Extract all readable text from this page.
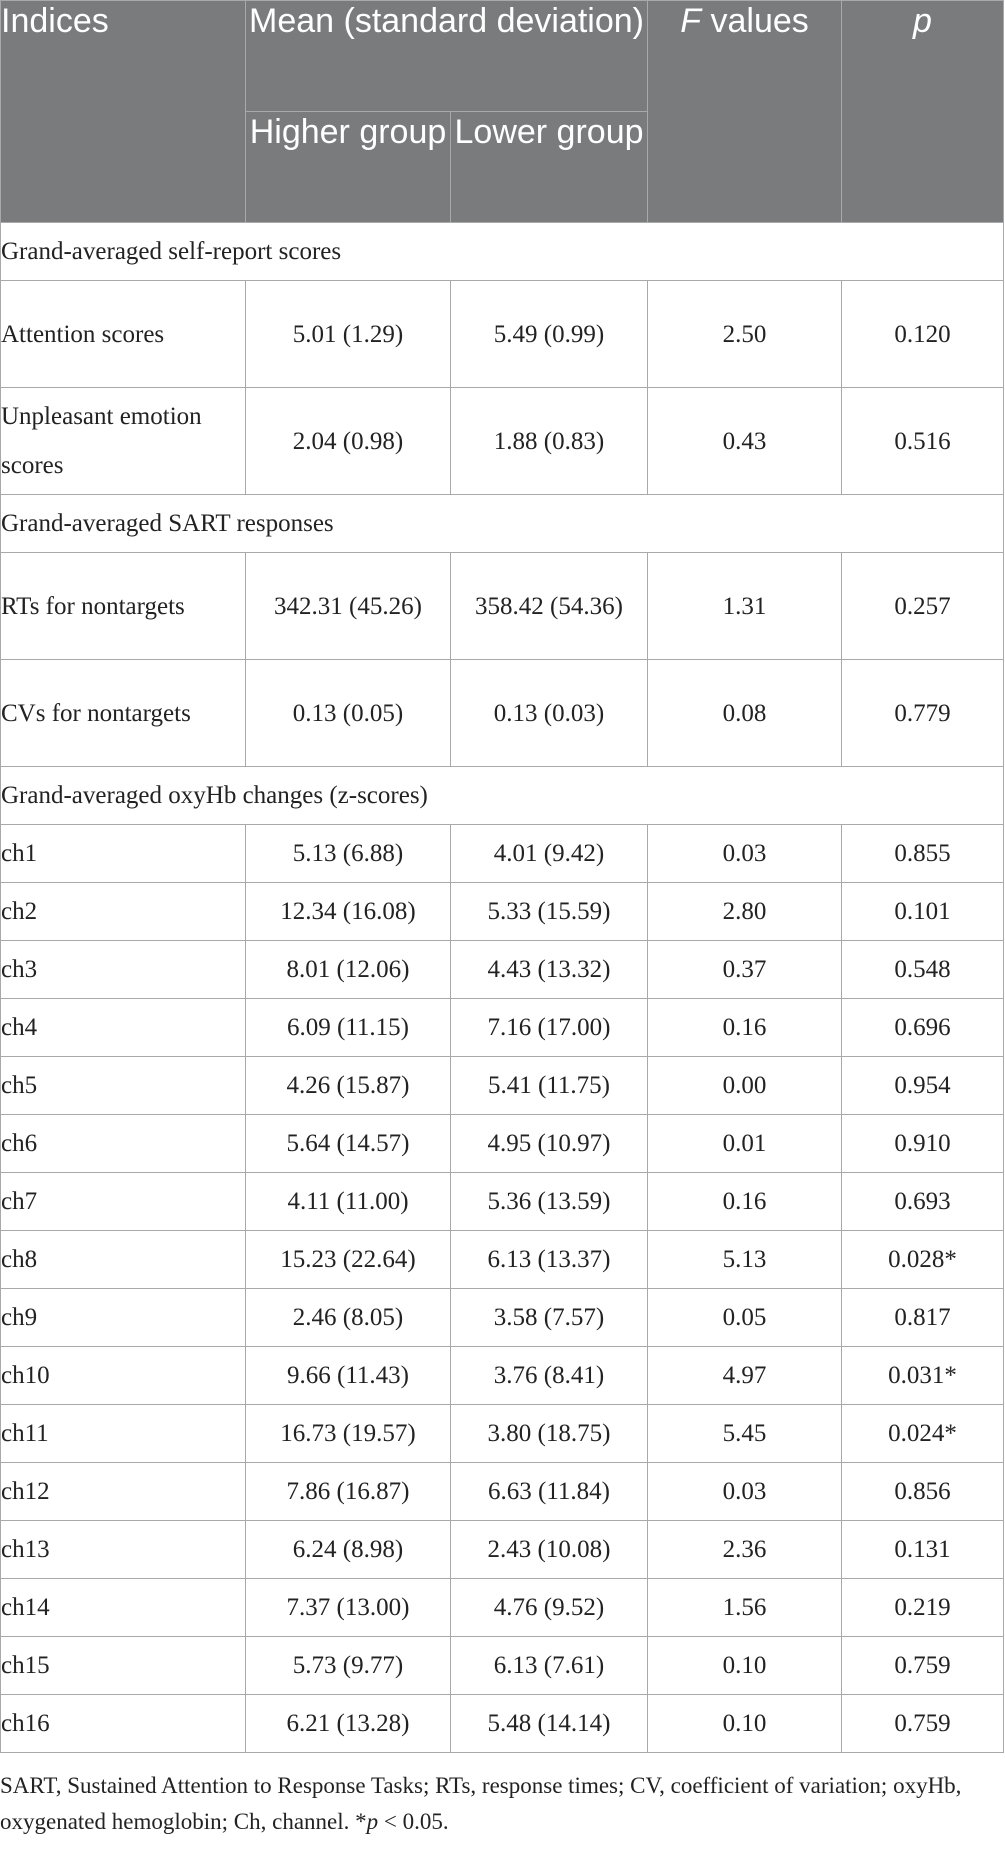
Indices	Mean (standard deviation)		F values	p
	Higher group	Lower group		
Grand-averaged self-report scores				
Attention scores	5.01 (1.29)	5.49 (0.99)	2.50	0.120
Unpleasant emotion scores	2.04 (0.98)	1.88 (0.83)	0.43	0.516
Grand-averaged SART responses				
RTs for nontargets	342.31 (45.26)	358.42 (54.36)	1.31	0.257
CVs for nontargets	0.13 (0.05)	0.13 (0.03)	0.08	0.779
Grand-averaged oxyHb changes (z-scores)				
ch1	5.13 (6.88)	4.01 (9.42)	0.03	0.855
ch2	12.34 (16.08)	5.33 (15.59)	2.80	0.101
ch3	8.01 (12.06)	4.43 (13.32)	0.37	0.548
ch4	6.09 (11.15)	7.16 (17.00)	0.16	0.696
ch5	4.26 (15.87)	5.41 (11.75)	0.00	0.954
ch6	5.64 (14.57)	4.95 (10.97)	0.01	0.910
ch7	4.11 (11.00)	5.36 (13.59)	0.16	0.693
ch8	15.23 (22.64)	6.13 (13.37)	5.13	0.028*
ch9	2.46 (8.05)	3.58 (7.57)	0.05	0.817
ch10	9.66 (11.43)	3.76 (8.41)	4.97	0.031*
ch11	16.73 (19.57)	3.80 (18.75)	5.45	0.024*
ch12	7.86 (16.87)	6.63 (11.84)	0.03	0.856
ch13	6.24 (8.98)	2.43 (10.08)	2.36	0.131
ch14	7.37 (13.00)	4.76 (9.52)	1.56	0.219
ch15	5.73 (9.77)	6.13 (7.61)	0.10	0.759
ch16	6.21 (13.28)	5.48 (14.14)	0.10	0.759
SART, Sustained Attention to Response Tasks; RTs, response times; CV, coefficient of variation; oxyHb, oxygenated hemoglobin; Ch, channel. *p < 0.05.
